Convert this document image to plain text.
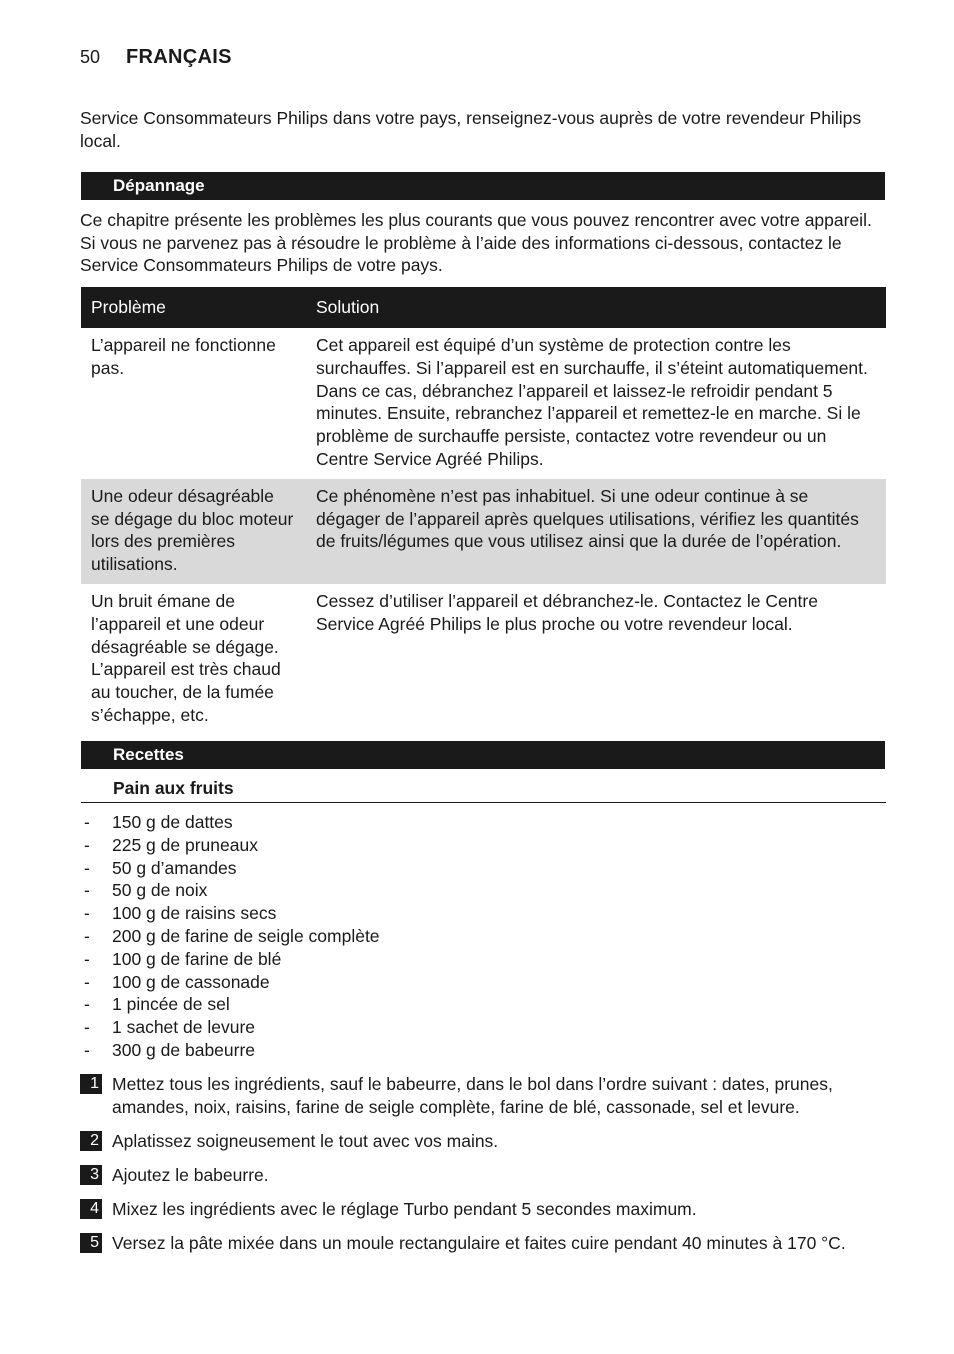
50	FRANÇAIS

Service Consommateurs Philips dans votre pays, renseignez-vous auprès de votre revendeur Philips local.

Dépannage

Ce chapitre présente les problèmes les plus courants que vous pouvez rencontrer avec votre appareil. Si vous ne parvenez pas à résoudre le problème à l’aide des informations ci-dessous, contactez le Service Consommateurs Philips de votre pays.

Problème	Solution
L’appareil ne fonctionne pas.	Cet appareil est équipé d’un système de protection contre les surchauffes. Si l’appareil est en surchauffe, il s’éteint automatiquement. Dans ce cas, débranchez l’appareil et laissez-le refroidir pendant 5 minutes. Ensuite, rebranchez l’appareil et remettez-le en marche. Si le problème de surchauffe persiste, contactez votre revendeur ou un Centre Service Agréé Philips.
Une odeur désagréable se dégage du bloc moteur lors des premières utilisations.	Ce phénomène n’est pas inhabituel. Si une odeur continue à se dégager de l’appareil après quelques utilisations, vérifiez les quantités de fruits/légumes que vous utilisez ainsi que la durée de l’opération.
Un bruit émane de l’appareil et une odeur désagréable se dégage. L’appareil est très chaud au toucher, de la fumée s’échappe, etc.	Cessez d’utiliser l’appareil et débranchez-le. Contactez le Centre Service Agréé Philips le plus proche ou votre revendeur local.
Recettes
Pain aux fruits
-	150 g de dattes
-	225 g de pruneaux
-	50 g d’amandes
-	50 g de noix
-	100 g de raisins secs
-	200 g de farine de seigle complète
-	100 g de farine de blé
-	100 g de cassonade
-	1 pincée de sel
-	1 sachet de levure
-	300 g de babeurre
1 Mettez tous les ingrédients, sauf le babeurre, dans le bol dans l’ordre suivant : dates, prunes, amandes, noix, raisins, farine de seigle complète, farine de blé, cassonade, sel et levure.
2 Aplatissez soigneusement le tout avec vos mains.
3 Ajoutez le babeurre.
4 Mixez les ingrédients avec le réglage Turbo pendant 5 secondes maximum.
5 Versez la pâte mixée dans un moule rectangulaire et faites cuire pendant 40 minutes à 170 °C.
